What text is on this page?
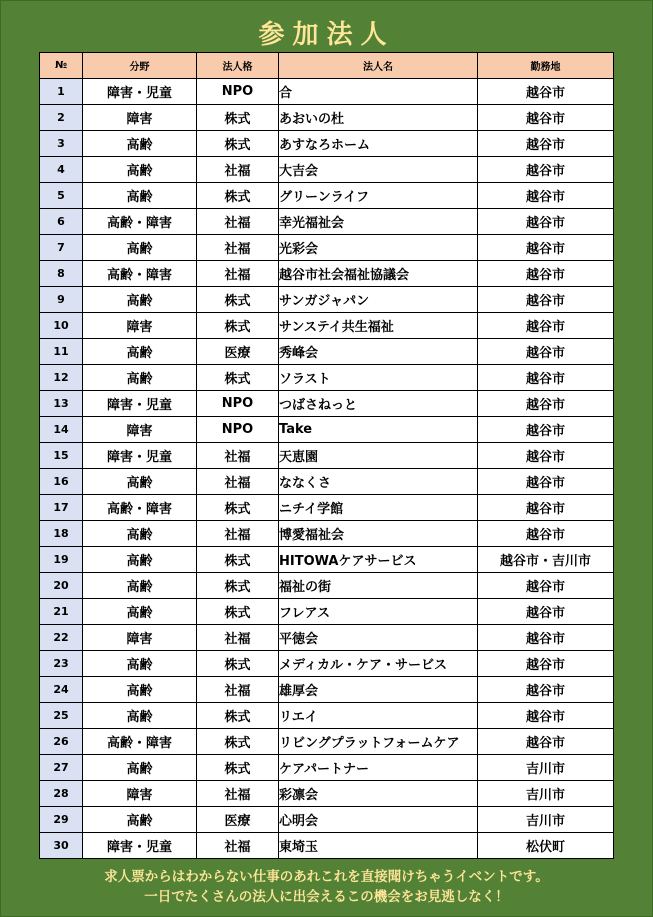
参加法人
№	分野	法人格	法人名	勤務地
1	障害・児童	NPO	合	越谷市
2	障害	株式	あおいの杜	越谷市
3	高齢	株式	あすなろホーム	越谷市
4	高齢	社福	大吉会	越谷市
5	高齢	株式	グリーンライフ	越谷市
6	高齢・障害	社福	幸光福祉会	越谷市
7	高齢	社福	光彩会	越谷市
8	高齢・障害	社福	越谷市社会福祉協議会	越谷市
9	高齢	株式	サンガジャパン	越谷市
10	障害	株式	サンステイ共生福祉	越谷市
11	高齢	医療	秀峰会	越谷市
12	高齢	株式	ソラスト	越谷市
13	障害・児童	NPO	つばさねっと	越谷市
14	障害	NPO	Take	越谷市
15	障害・児童	社福	天恵園	越谷市
16	高齢	社福	ななくさ	越谷市
17	高齢・障害	株式	ニチイ学館	越谷市
18	高齢	社福	博愛福祉会	越谷市
19	高齢	株式	HITOWAケアサービス	越谷市・吉川市
20	高齢	株式	福祉の街	越谷市
21	高齢	株式	フレアス	越谷市
22	障害	社福	平徳会	越谷市
23	高齢	株式	メディカル・ケア・サービス	越谷市
24	高齢	社福	雄厚会	越谷市
25	高齢	株式	リエイ	越谷市
26	高齢・障害	株式	リビングプラットフォームケア	越谷市
27	高齢	株式	ケアパートナー	吉川市
28	障害	社福	彩凛会	吉川市
29	高齢	医療	心明会	吉川市
30	障害・児童	社福	東埼玉	松伏町
求人票からはわからない仕事のあれこれを直接聞けちゃうイベントです。
一日でたくさんの法人に出会えるこの機会をお見逃しなく！
